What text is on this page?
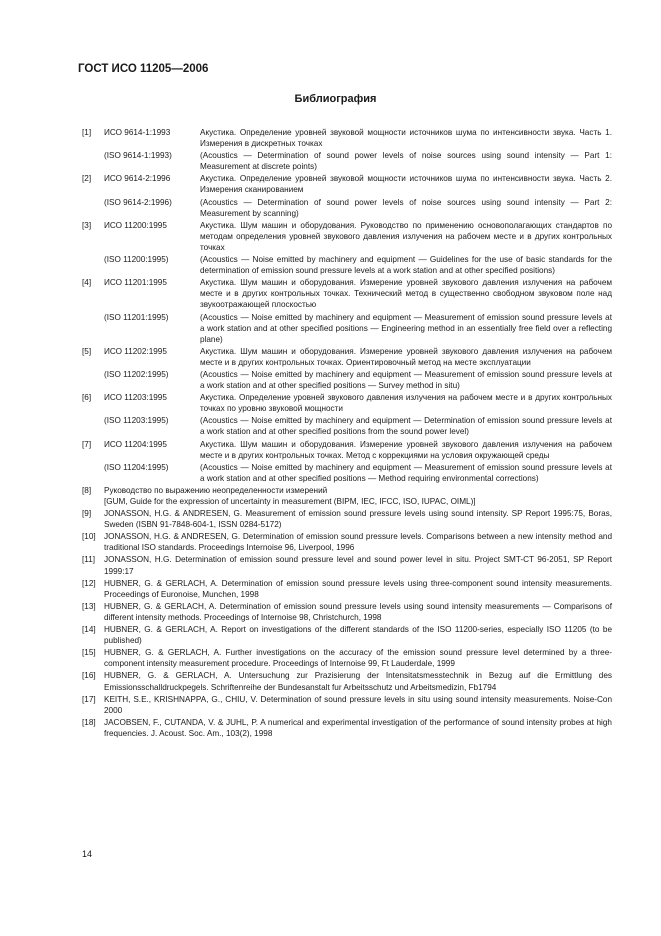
ГОСТ ИСО 11205—2006
Библиография
[1]	ИСО 9614-1:1993	Акустика. Определение уровней звуковой мощности источников шума по интенсивности звука. Часть 1. Измерения в дискретных точках
(ISO 9614-1:1993)	(Acoustics — Determination of sound power levels of noise sources using sound intensity — Part 1: Measurement at discrete points)
[2]	ИСО 9614-2:1996	Акустика. Определение уровней звуковой мощности источников шума по интенсивности звука. Часть 2. Измерения сканированием
(ISO 9614-2:1996)	(Acoustics — Determination of sound power levels of noise sources using sound intensity — Part 2: Measurement by scanning)
[3]	ИСО 11200:1995	Акустика. Шум машин и оборудования. Руководство по применению основополагающих стандартов по методам определения уровней звукового давления излучения на рабочем месте и в других контрольных точках
(ISO 11200:1995)	(Acoustics — Noise emitted by machinery and equipment — Guidelines for the use of basic standards for the determination of emission sound pressure levels at a work station and at other specified positions)
[4]	ИСО 11201:1995	Акустика. Шум машин и оборудования. Измерение уровней звукового давления излучения на рабочем месте и в других контрольных точках. Технический метод в существенно свободном звуковом поле над звукоотражающей плоскостью
(ISO 11201:1995)	(Acoustics — Noise emitted by machinery and equipment — Measurement of emission sound pressure levels at a work station and at other specified positions — Engineering method in an essentially free field over a reflecting plane)
[5]	ИСО 11202:1995	Акустика. Шум машин и оборудования. Измерение уровней звукового давления излучения на рабочем месте и в других контрольных точках. Ориентировочный метод на месте эксплуатации
(ISO 11202:1995)	(Acoustics — Noise emitted by machinery and equipment — Measurement of emission sound pressure levels at a work station and at other specified positions — Survey method in situ)
[6]	ИСО 11203:1995	Акустика. Определение уровней звукового давления излучения на рабочем месте и в других контрольных точках по уровню звуковой мощности
(ISO 11203:1995)	(Acoustics — Noise emitted by machinery and equipment — Determination of emission sound pressure levels at a work station and at other specified positions from the sound power level)
[7]	ИСО 11204:1995	Акустика. Шум машин и оборудования. Измерение уровней звукового давления излучения на рабочем месте и в других контрольных точках. Метод с коррекциями на условия окружающей среды
(ISO 11204:1995)	(Acoustics — Noise emitted by machinery and equipment — Measurement of emission sound pressure levels at a work station and at other specified positions — Method requiring environmental corrections)
[8]	Руководство по выражению неопределенности измерений
[GUM, Guide for the expression of uncertainty in measurement (BIPM, IEC, IFCC, ISO, IUPAC, OIML)]
[9]	JONASSON, H.G. & ANDRESEN, G. Measurement of emission sound pressure levels using sound intensity. SP Report 1995:75, Boras, Sweden (ISBN 91-7848-604-1, ISSN 0284-5172)
[10]	JONASSON, H.G. & ANDRESEN, G. Determination of emission sound pressure levels. Comparisons between a new intensity method and traditional ISO standards. Proceedings Internoise 96, Liverpool, 1996
[11]	JONASSON, H.G. Determination of emission sound pressure level and sound power level in situ. Project SMT-CT 96-2051, SP Report 1999:17
[12]	HUBNER, G. & GERLACH, A. Determination of emission sound pressure levels using three-component sound intensity measurements. Proceedings of Euronoise, Munchen, 1998
[13]	HUBNER, G. & GERLACH, A. Determination of emission sound pressure levels using sound intensity measurements — Comparisons of different intensity methods. Proceedings of Internoise 98, Christchurch, 1998
[14]	HUBNER, G. & GERLACH, A. Report on investigations of the different standards of the ISO 11200-series, especially ISO 11205 (to be published)
[15]	HUBNER, G. & GERLACH, A. Further investigations on the accuracy of the emission sound pressure level determined by a three-component intensity measurement procedure. Proceedings of Internoise 99, Ft Lauderdale, 1999
[16]	HUBNER, G. & GERLACH, A. Untersuchung zur Prazisierung der Intensitatsmesstechnik in Bezug auf die Ermittlung des Emissionsschalldruckpegels. Schriftenreihe der Bundesanstalt fur Arbeitsschutz und Arbeitsmedizin, Fb1794
[17]	KEITH, S.E., KRISHNAPPA, G., CHIU, V. Determination of sound pressure levels in situ using sound intensity measurements. Noise-Con 2000
[18]	JACOBSEN, F., CUTANDA, V. & JUHL, P. A numerical and experimental investigation of the performance of sound intensity probes at high frequencies. J. Acoust. Soc. Am., 103(2), 1998
14
